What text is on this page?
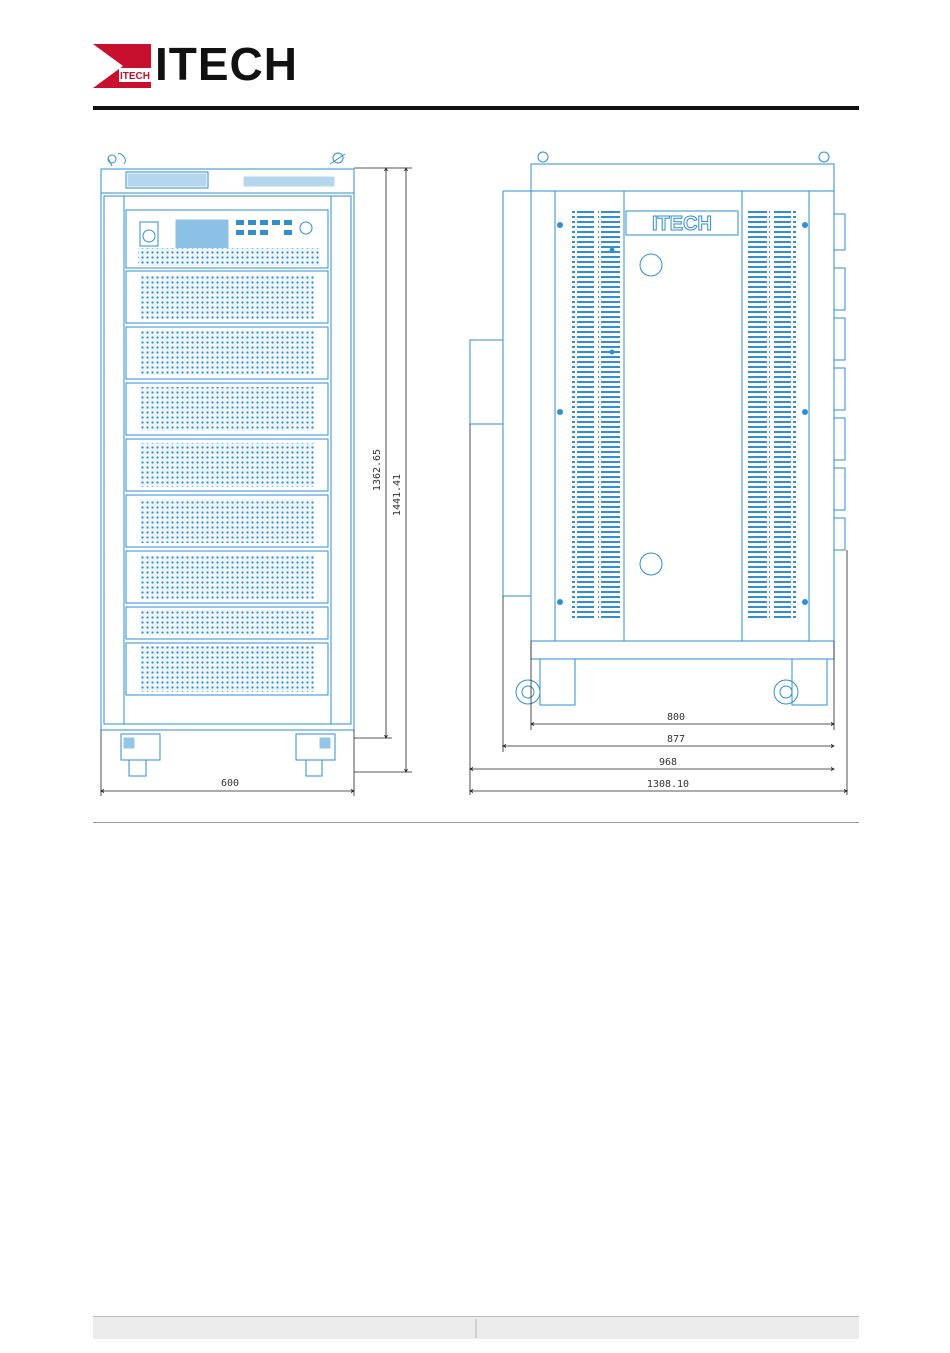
ITECH ITECH
600
1362.65
1441.41
ITECH
800
877
968
1308.10
